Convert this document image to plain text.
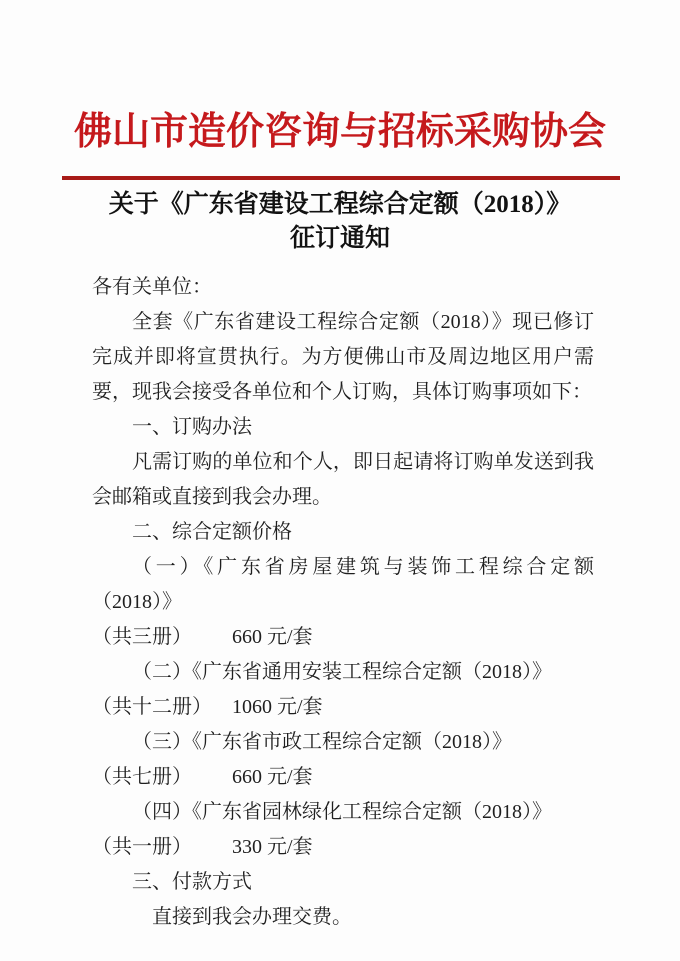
佛山市造价咨询与招标采购协会
关于《广东省建设工程综合定额（2018）》
征订通知

各有关单位：

全套《广东省建设工程综合定额（2018）》现已修订完成并即将宣贯执行。为方便佛山市及周边地区用户需要，现我会接受各单位和个人订购，具体订购事项如下：

一、订购办法

凡需订购的单位和个人，即日起请将订购单发送到我会邮箱或直接到我会办理。

二、综合定额价格

（一）《广东省房屋建筑与装饰工程综合定额（2018）》

（共三册） 660 元/套

（二）《广东省通用安装工程综合定额（2018）》

（共十二册） 1060 元/套

（三）《广东省市政工程综合定额（2018）》

（共七册） 660 元/套

（四）《广东省园林绿化工程综合定额（2018）》

（共一册） 330 元/套

三、付款方式

直接到我会办理交费。
